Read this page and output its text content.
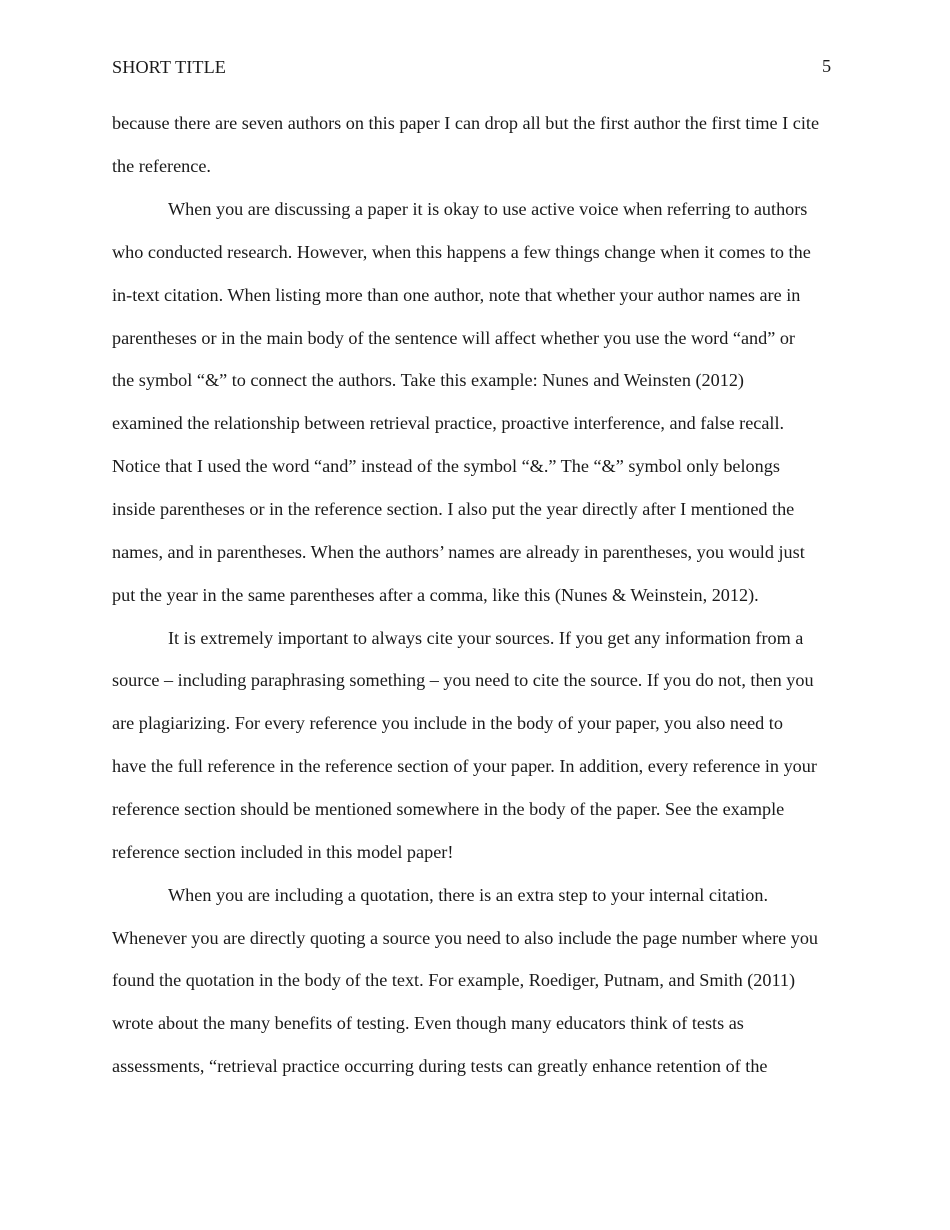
SHORT TITLE	5
because there are seven authors on this paper I can drop all but the first author the first time I cite
the reference.
When you are discussing a paper it is okay to use active voice when referring to authors
who conducted research. However, when this happens a few things change when it comes to the
in-text citation. When listing more than one author, note that whether your author names are in
parentheses or in the main body of the sentence will affect whether you use the word “and” or
the symbol “&” to connect the authors. Take this example: Nunes and Weinsten (2012)
examined the relationship between retrieval practice, proactive interference, and false recall.
Notice that I used the word “and” instead of the symbol “&.” The “&” symbol only belongs
inside parentheses or in the reference section. I also put the year directly after I mentioned the
names, and in parentheses. When the authors’ names are already in parentheses, you would just
put the year in the same parentheses after a comma, like this (Nunes & Weinstein, 2012).
It is extremely important to always cite your sources. If you get any information from a
source – including paraphrasing something – you need to cite the source. If you do not, then you
are plagiarizing. For every reference you include in the body of your paper, you also need to
have the full reference in the reference section of your paper. In addition, every reference in your
reference section should be mentioned somewhere in the body of the paper. See the example
reference section included in this model paper!
When you are including a quotation, there is an extra step to your internal citation.
Whenever you are directly quoting a source you need to also include the page number where you
found the quotation in the body of the text. For example, Roediger, Putnam, and Smith (2011)
wrote about the many benefits of testing. Even though many educators think of tests as
assessments, “retrieval practice occurring during tests can greatly enhance retention of the
